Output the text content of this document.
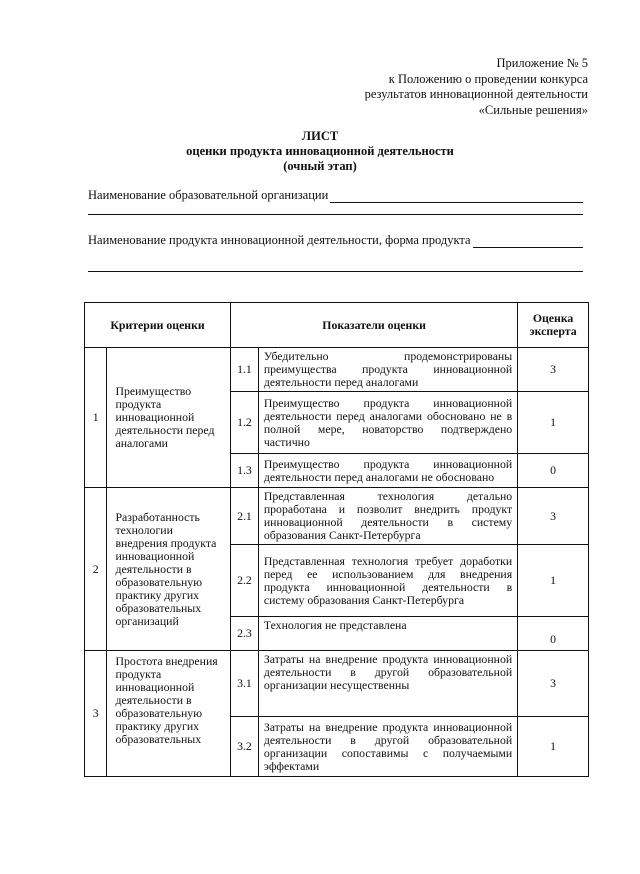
Приложение № 5
к Положению о проведении конкурса
результатов инновационной деятельности
«Сильные решения»
ЛИСТ
оценки продукта инновационной деятельности
(очный этап)
Наименование образовательной организации
Наименование продукта инновационной деятельности, форма продукта
Критерии оценки		Показатели оценки		Оценка эксперта
1	Преимущество продукта инновационной деятельности перед аналогами	1.1	Убедительно продемонстрированы преимущества продукта инновационной деятельности перед аналогами	3
		1.2	Преимущество продукта инновационной деятельности перед аналогами обосновано не в полной мере, новаторство подтверждено частично	1
		1.3	Преимущество продукта инновационной деятельности перед аналогами не обосновано	0
2	Разработанность технологии внедрения продукта инновационной деятельности в образовательную практику других образовательных организаций	2.1	Представленная технология детально проработана и позволит внедрить продукт инновационной деятельности в систему образования Санкт-Петербурга	3
		2.2	Представленная технология требует доработки перед ее использованием для внедрения продукта инновационной деятельности в систему образования Санкт-Петербурга	1
		2.3	Технология не представлена	0
3	Простота внедрения продукта инновационной деятельности в образовательную практику других образовательных	3.1	Затраты на внедрение продукта инновационной деятельности в другой образовательной организации несущественны	3
		3.2	Затраты на внедрение продукта инновационной деятельности в другой образовательной организации сопоставимы с получаемыми эффектами	1
